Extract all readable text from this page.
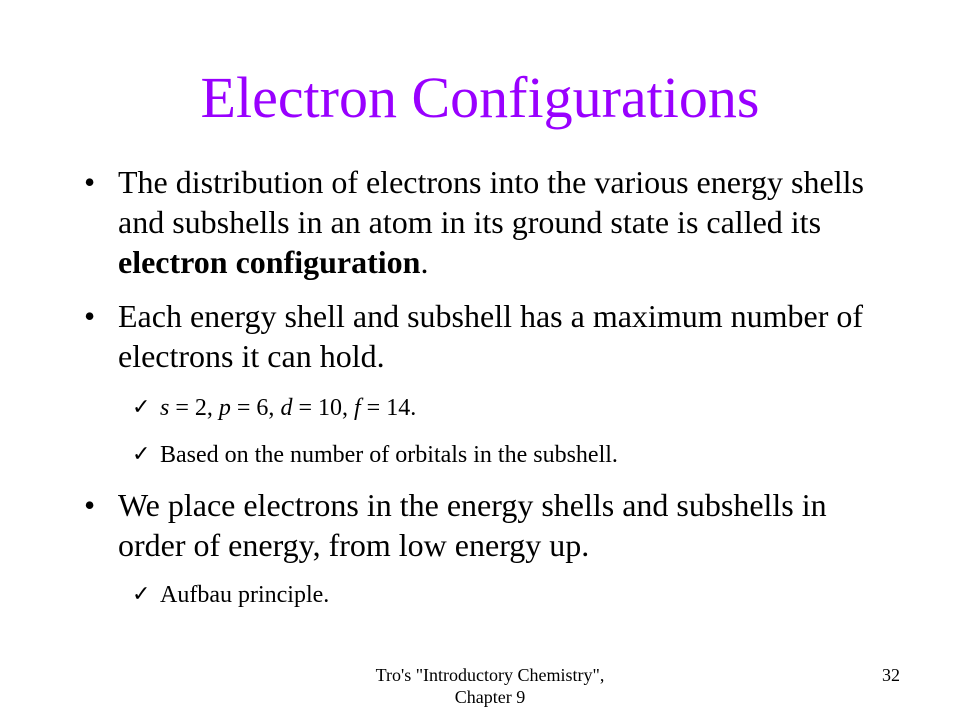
Electron Configurations
• The distribution of electrons into the various energy shells and subshells in an atom in its ground state is called its electron configuration.
• Each energy shell and subshell has a maximum number of electrons it can hold.
✓ s = 2, p = 6, d = 10, f = 14.
✓ Based on the number of orbitals in the subshell.
• We place electrons in the energy shells and subshells in order of energy, from low energy up.
✓ Aufbau principle.
Tro's "Introductory Chemistry",
Chapter 9
32
